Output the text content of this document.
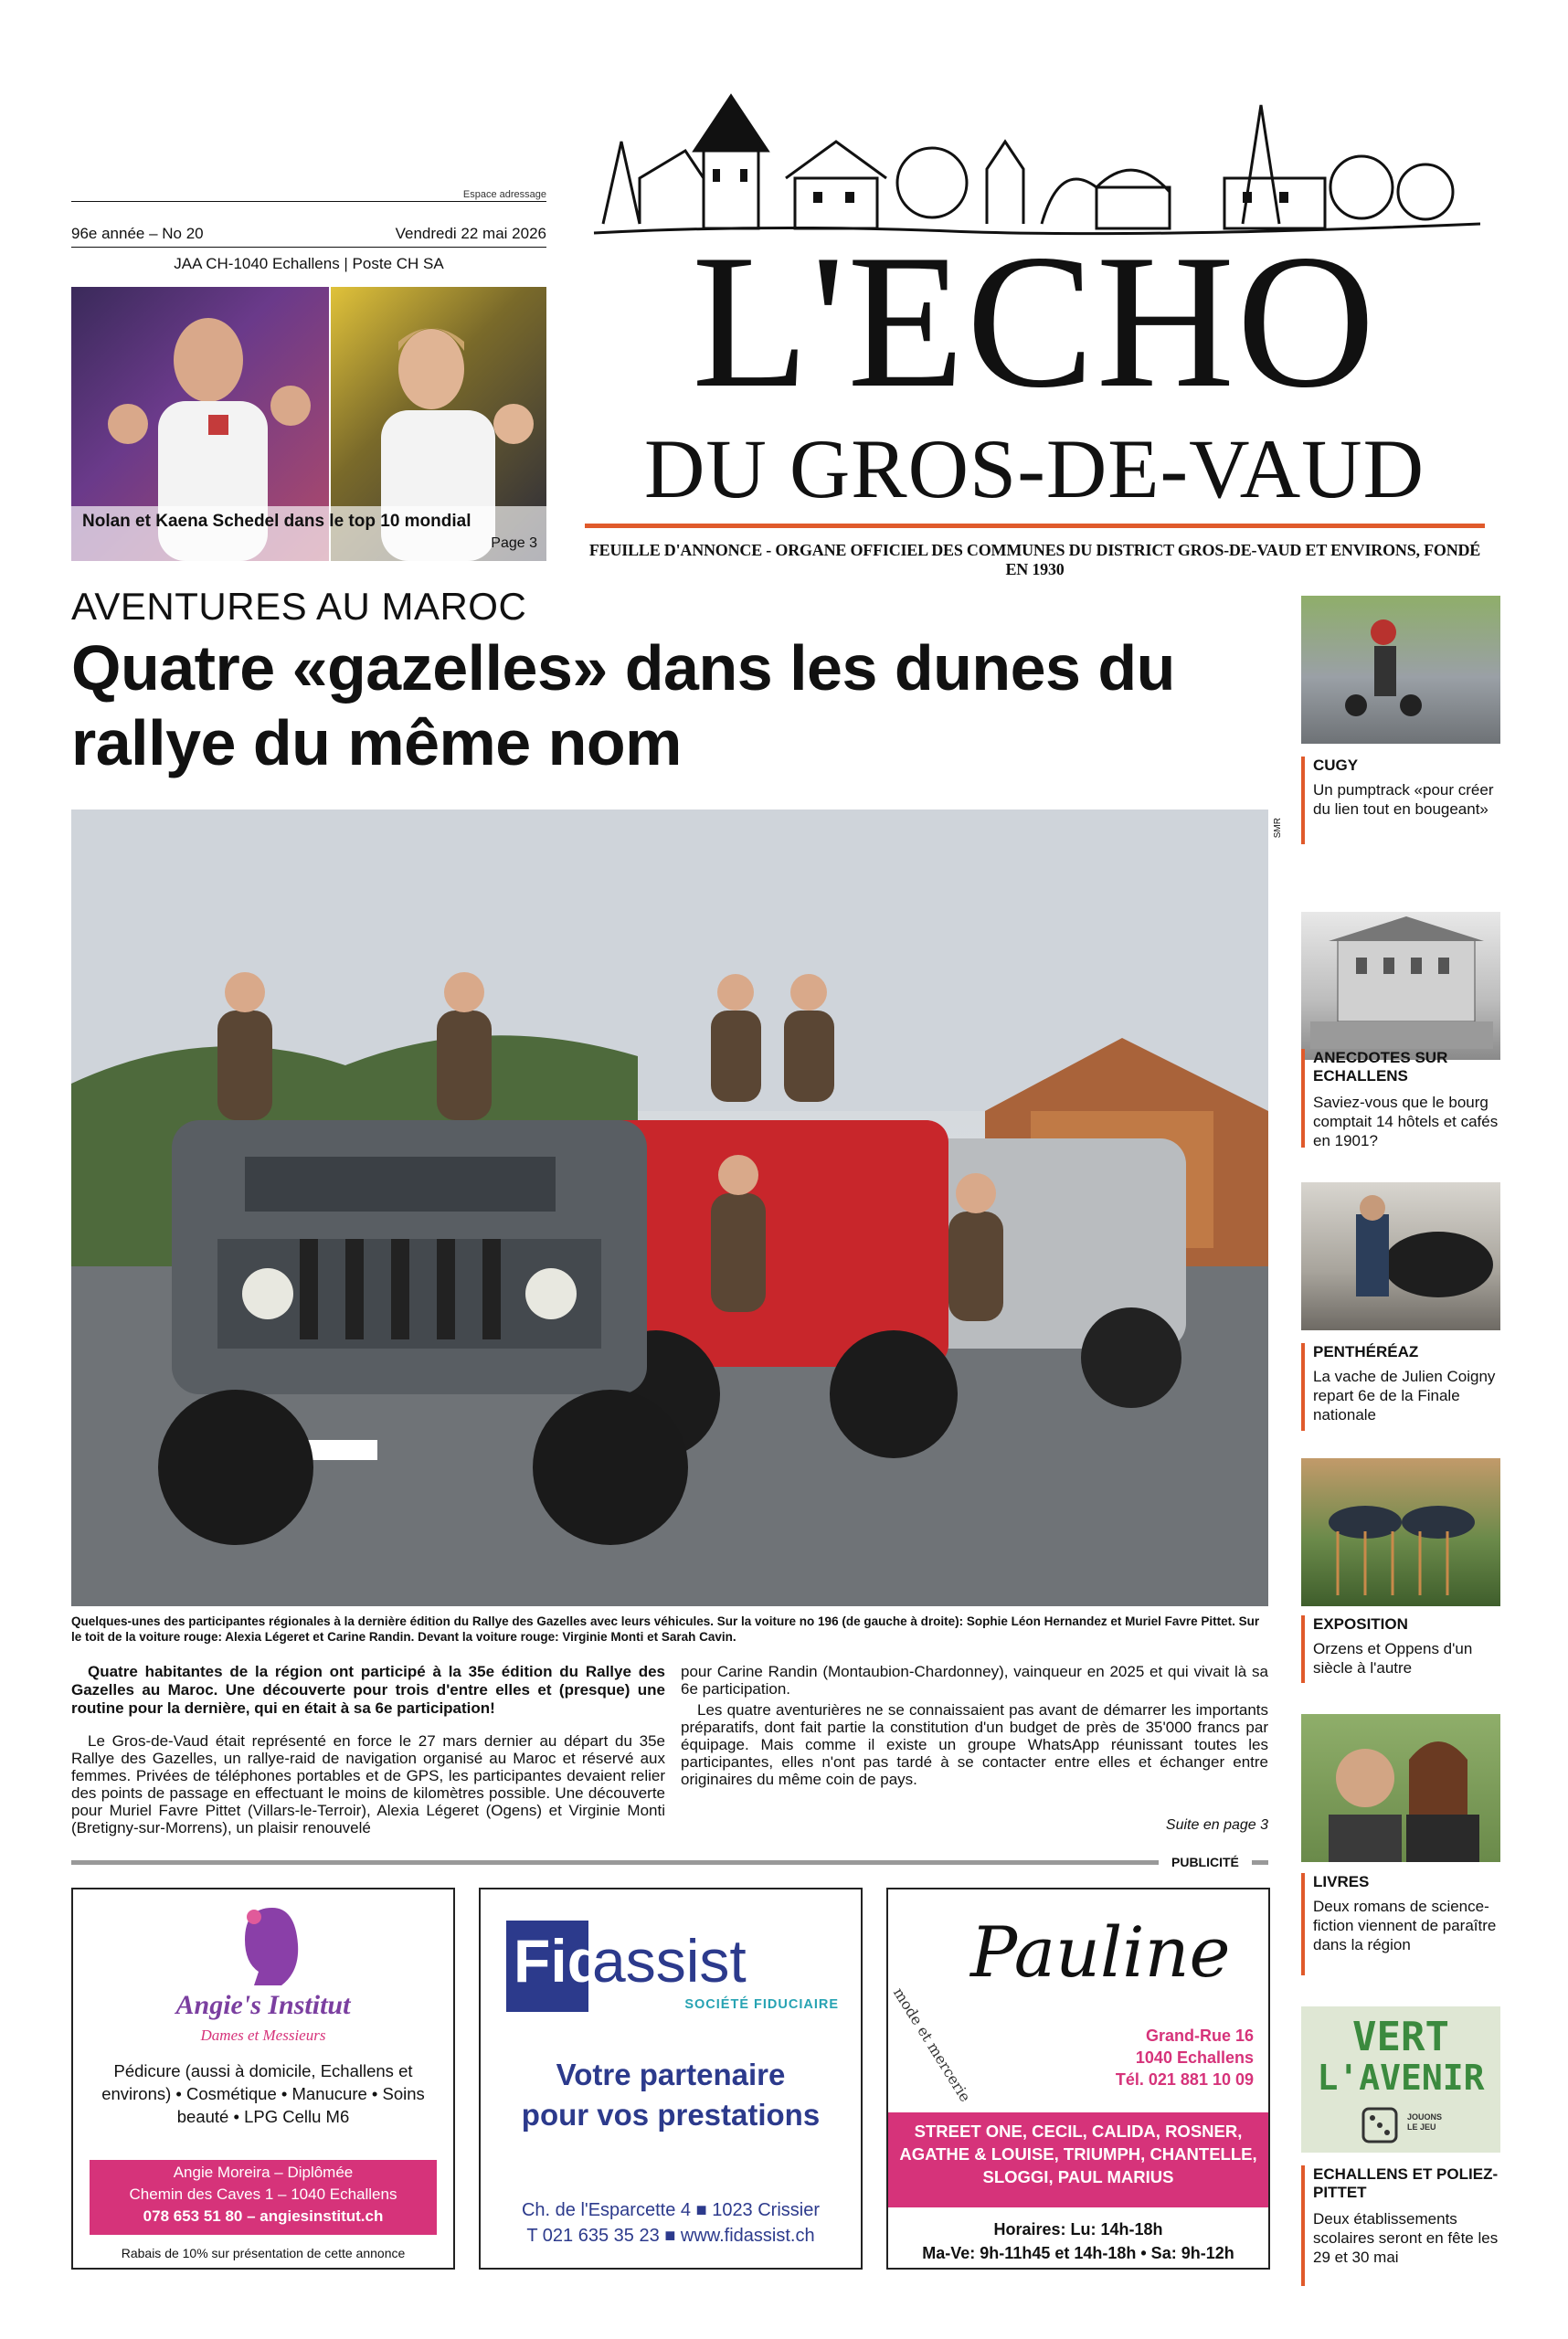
Espace adressage
96e année – No 20	Vendredi 22 mai 2026
JAA CH-1040 Echallens | Poste CH SA
Nolan et Kaena Schedel dans le top 10 mondial
Page 3
L'ECHO
DU GROS-DE-VAUD
FEUILLE D'ANNONCE - ORGANE OFFICIEL DES COMMUNES DU DISTRICT GROS-DE-VAUD ET ENVIRONS, FONDÉ EN 1930
AVENTURES AU MAROC
Quatre «gazelles» dans les dunes du rallye du même nom
SMR
Quelques-unes des participantes régionales à la dernière édition du Rallye des Gazelles avec leurs véhicules. Sur la voiture no 196 (de gauche à droite): Sophie Léon Hernandez et Muriel Favre Pittet. Sur le toit de la voiture rouge: Alexia Légeret et Carine Randin. Devant la voiture rouge: Virginie Monti et Sarah Cavin.
Quatre habitantes de la région ont participé à la 35e édition du Rallye des Gazelles au Maroc. Une découverte pour trois d'entre elles et (presque) une routine pour la dernière, qui en était à sa 6e participation!
Le Gros-de-Vaud était représenté en force le 27 mars dernier au départ du 35e Rallye des Gazelles, un rallye-raid de navigation organisé au Maroc et réservé aux femmes. Privées de téléphones portables et de GPS, les participantes devaient relier des points de passage en effectuant le moins de kilomètres possible. Une découverte pour Muriel Favre Pittet (Villars-le-Terroir), Alexia Légeret (Ogens) et Virginie Monti (Bretigny-sur-Morrens), un plaisir renouvelé
pour Carine Randin (Montaubion-Chardonney), vainqueur en 2025 et qui vivait là sa 6e participation.
Les quatre aventurières ne se connaissaient pas avant de démarrer les importants préparatifs, dont fait partie la constitution d'un budget de près de 35'000 francs par équipage. Mais comme il existe un groupe WhatsApp réunissant toutes les participantes, elles n'ont pas tardé à se contacter entre elles et échanger entre originaires du même coin de pays.
Suite en page 3
CUGY
Un pumptrack «pour créer du lien tout en bougeant»
ANECDOTES SUR ECHALLENS
Saviez-vous que le bourg comptait 14 hôtels et cafés en 1901?
PENTHÉRÉAZ
La vache de Julien Coigny repart 6e de la Finale nationale
EXPOSITION
Orzens et Oppens d'un siècle à l'autre
LIVRES
Deux romans de science-fiction viennent de paraître dans la région
VERT
L'AVENIR
JOUONS LE JEU
ECHALLENS ET POLIEZ-PITTET
Deux établissements scolaires seront en fête les 29 et 30 mai
PUBLICITÉ
Angie's Institut
Dames et Messieurs
Pédicure (aussi à domicile, Echallens et environs) • Cosmétique • Manucure • Soins beauté • LPG Cellu M6
Angie Moreira – Diplômée
Chemin des Caves 1 – 1040 Echallens
078 653 51 80 – angiesinstitut.ch
Rabais de 10% sur présentation de cette annonce
Fid
assist
SOCIÉTÉ FIDUCIAIRE
Votre partenaire
pour vos prestations
Ch. de l'Esparcette 4 ■ 1023 Crissier
T 021 635 35 23 ■ www.fidassist.ch
Pauline
mode et mercerie	Grand-Rue 16
1040 Echallens
Tél. 021 881 10 09
STREET ONE, CECIL, CALIDA, ROSNER, AGATHE & LOUISE, TRIUMPH, CHANTELLE, SLOGGI, PAUL MARIUS
Horaires: Lu: 14h-18h
Ma-Ve: 9h-11h45 et 14h-18h • Sa: 9h-12h
